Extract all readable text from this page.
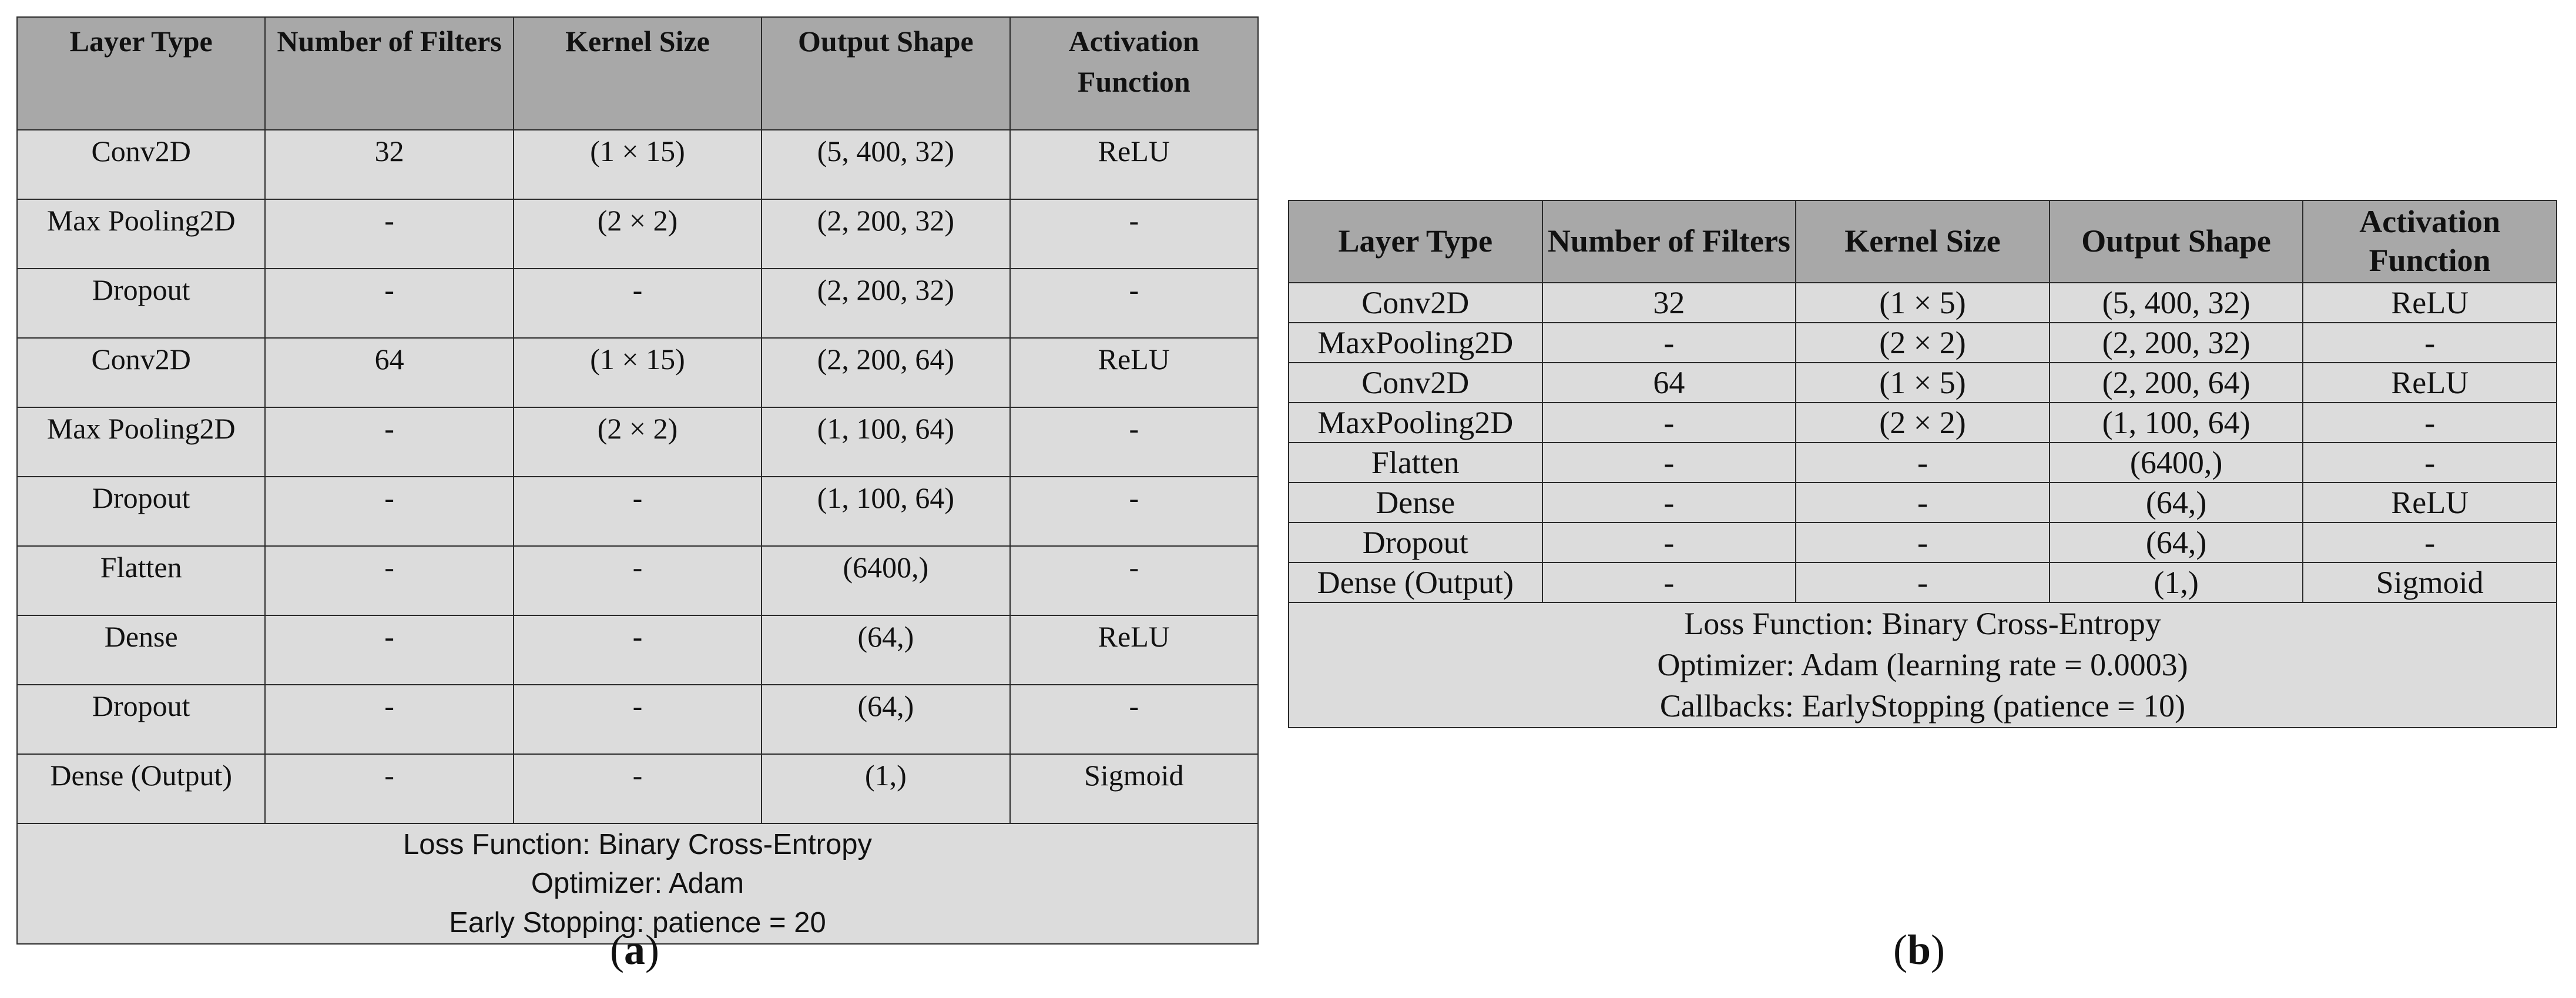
Layer Type	Number of Filters	Kernel Size	Output Shape	Activation Function
Conv2D	32	(1 × 15)	(5, 400, 32)	ReLU
Max Pooling2D	-	(2 × 2)	(2, 200, 32)	-
Dropout	-	-	(2, 200, 32)	-
Conv2D	64	(1 × 15)	(2, 200, 64)	ReLU
Max Pooling2D	-	(2 × 2)	(1, 100, 64)	-
Dropout	-	-	(1, 100, 64)	-
Flatten	-	-	(6400,)	-
Dense	-	-	(64,)	ReLU
Dropout	-	-	(64,)	-
Dense (Output)	-	-	(1,)	Sigmoid

Loss Function: Binary Cross-Entropy
Optimizer: Adam
Early Stopping: patience = 20				
(a)
Layer Type	Number of Filters	Kernel Size	Output Shape	Activation Function
Conv2D	32	(1 × 5)	(5, 400, 32)	ReLU
MaxPooling2D	-	(2 × 2)	(2, 200, 32)	-
Conv2D	64	(1 × 5)	(2, 200, 64)	ReLU
MaxPooling2D	-	(2 × 2)	(1, 100, 64)	-
Flatten	-	-	(6400,)	-
Dense	-	-	(64,)	ReLU
Dropout	-	-	(64,)	-
Dense (Output)	-	-	(1,)	Sigmoid

Loss Function: Binary Cross-Entropy
Optimizer: Adam (learning rate = 0.0003)
Callbacks: EarlyStopping (patience = 10)				
(b)
